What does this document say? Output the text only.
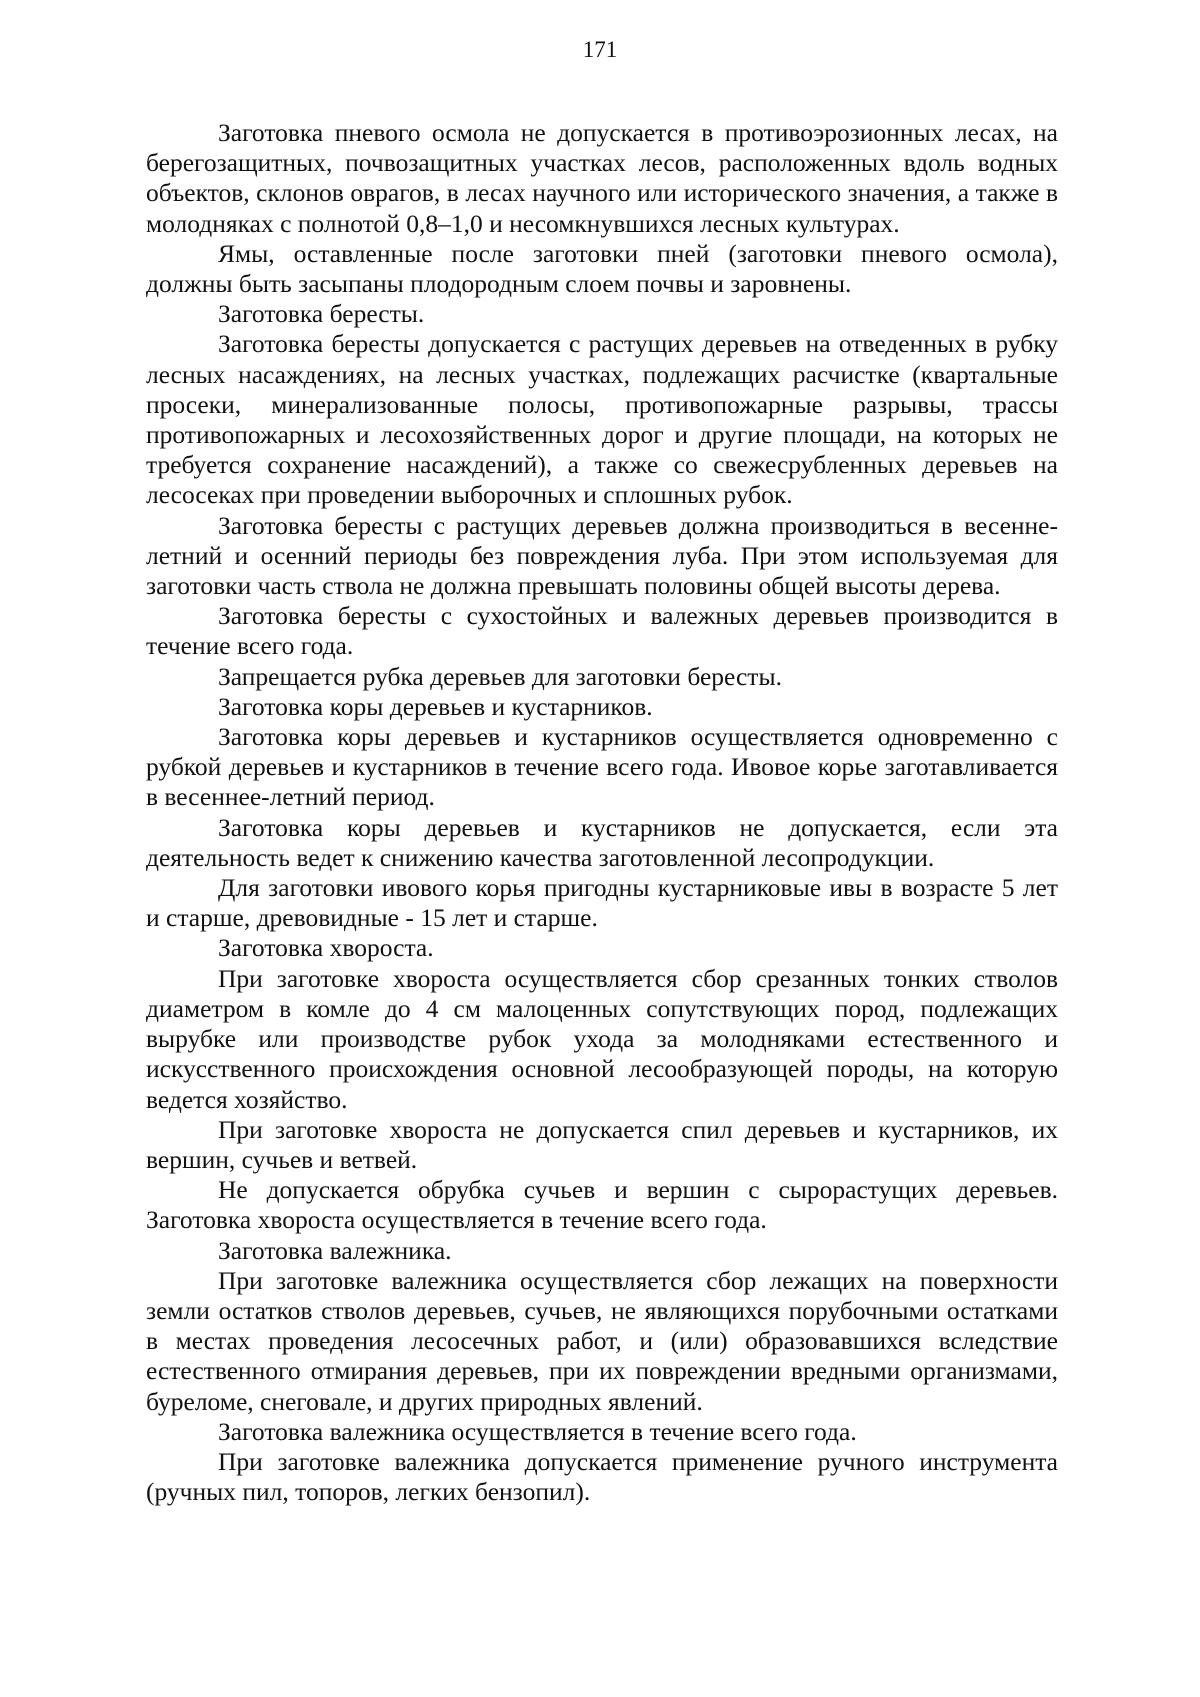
171

Заготовка пневого осмола не допускается в противоэрозионных лесах, на берегозащитных, почвозащитных участках лесов, расположенных вдоль водных объектов, склонов оврагов, в лесах научного или исторического значения, а также в молодняках с полнотой 0,8–1,0 и несомкнувшихся лесных культурах.

Ямы, оставленные после заготовки пней (заготовки пневого осмола), должны быть засыпаны плодородным слоем почвы и заровнены.

Заготовка бересты.

Заготовка бересты допускается с растущих деревьев на отведенных в рубку лесных насаждениях, на лесных участках, подлежащих расчистке (квартальные просеки, минерализованные полосы, противопожарные разрывы, трассы противопожарных и лесохозяйственных дорог и другие площади, на которых не требуется сохранение насаждений), а также со свежесрубленных деревьев на лесосеках при проведении выборочных и сплошных рубок.

Заготовка бересты с растущих деревьев должна производиться в весенне-летний и осенний периоды без повреждения луба. При этом используемая для заготовки часть ствола не должна превышать половины общей высоты дерева.

Заготовка бересты с сухостойных и валежных деревьев производится в течение всего года.

Запрещается рубка деревьев для заготовки бересты.

Заготовка коры деревьев и кустарников.

Заготовка коры деревьев и кустарников осуществляется одновременно с рубкой деревьев и кустарников в течение всего года. Ивовое корье заготавливается в весеннее-летний период.

Заготовка коры деревьев и кустарников не допускается, если эта деятельность ведет к снижению качества заготовленной лесопродукции.

Для заготовки ивового корья пригодны кустарниковые ивы в возрасте 5 лет и старше, древовидные - 15 лет и старше.

Заготовка хвороста.

При заготовке хвороста осуществляется сбор срезанных тонких стволов диаметром в комле до 4 см малоценных сопутствующих пород, подлежащих вырубке или производстве рубок ухода за молодняками естественного и искусственного происхождения основной лесообразующей породы, на которую ведется хозяйство.

При заготовке хвороста не допускается спил деревьев и кустарников, их вершин, сучьев и ветвей.

Не допускается обрубка сучьев и вершин с сырорастущих деревьев. Заготовка хвороста осуществляется в течение всего года.

Заготовка валежника.

При заготовке валежника осуществляется сбор лежащих на поверхности земли остатков стволов деревьев, сучьев, не являющихся порубочными остатками в местах проведения лесосечных работ, и (или) образовавшихся вследствие естественного отмирания деревьев, при их повреждении вредными организмами, буреломе, снеговале, и других природных явлений.

Заготовка валежника осуществляется в течение всего года.

При заготовке валежника допускается применение ручного инструмента (ручных пил, топоров, легких бензопил).
